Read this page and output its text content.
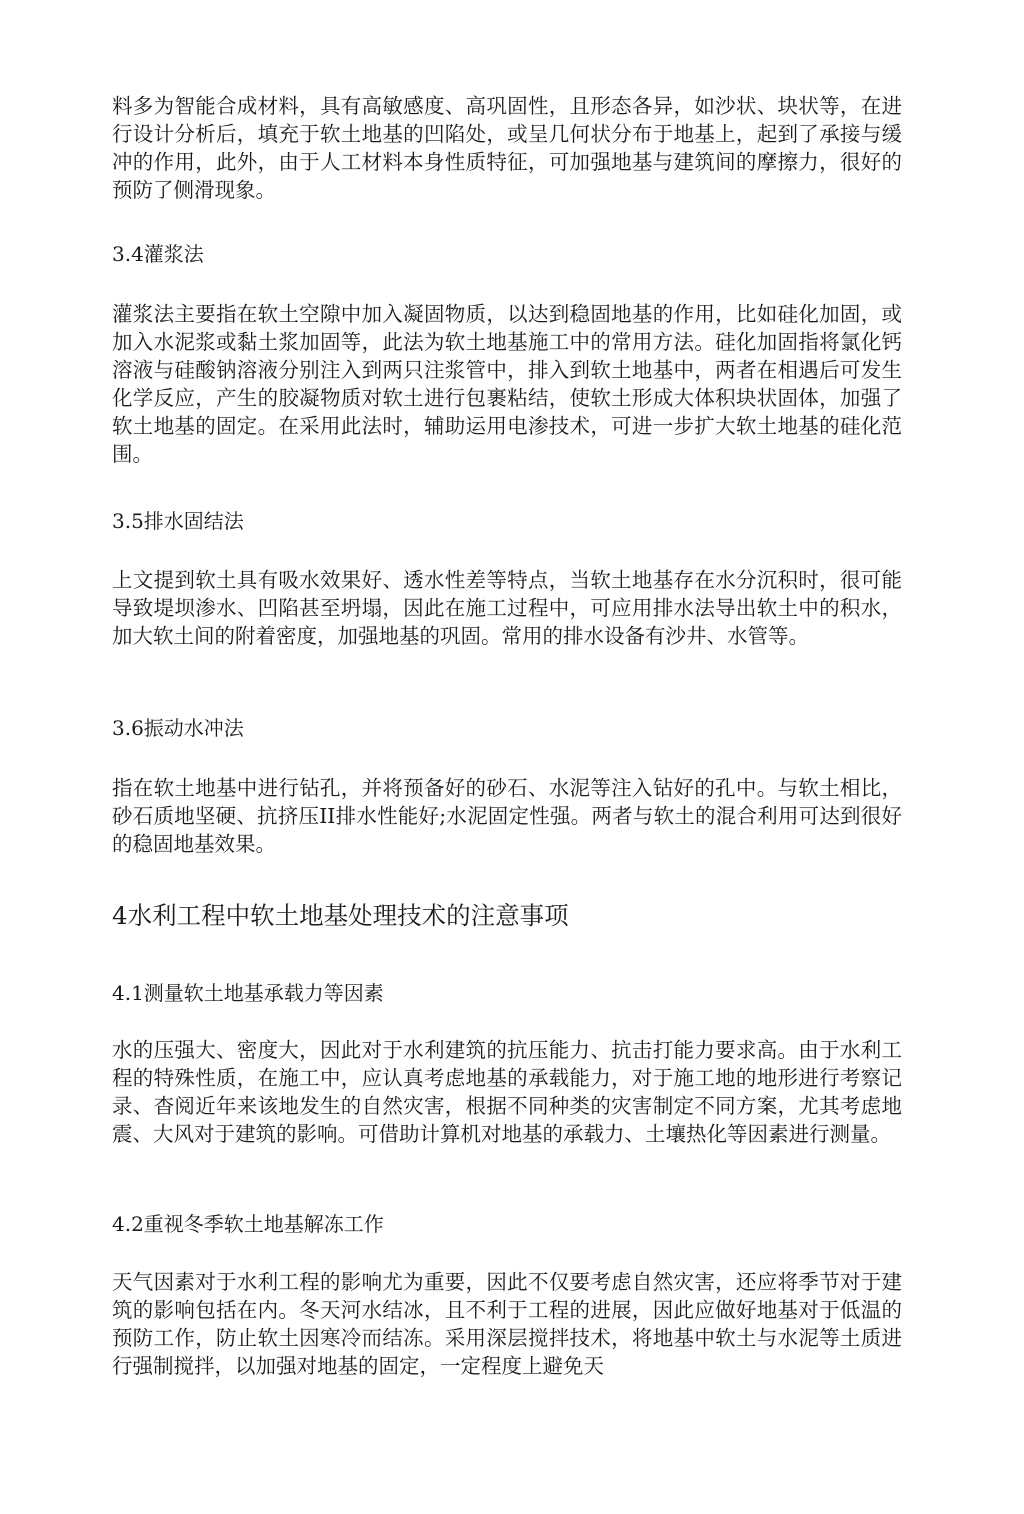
料多为智能合成材料，具有高敏感度、高巩固性，且形态各异，如沙状、块状等，在进行设计分析后，填充于软土地基的凹陷处，或呈几何状分布于地基上，起到了承接与缓冲的作用，此外，由于人工材料本身性质特征，可加强地基与建筑间的摩擦力，很好的预防了侧滑现象。

3.4灌浆法

灌浆法主要指在软土空隙中加入凝固物质，以达到稳固地基的作用，比如硅化加固，或加入水泥浆或黏土浆加固等，此法为软土地基施工中的常用方法。硅化加固指将氯化钙溶液与硅酸钠溶液分别注入到两只注浆管中，排入到软土地基中，两者在相遇后可发生化学反应，产生的胶凝物质对软土进行包裹粘结，使软土形成大体积块状固体，加强了软土地基的固定。在采用此法时，辅助运用电渗技术，可进一步扩大软土地基的硅化范围。

3.5排水固结法

上文提到软土具有吸水效果好、透水性差等特点，当软土地基存在水分沉积时，很可能导致堤坝渗水、凹陷甚至坍塌，因此在施工过程中，可应用排水法导出软土中的积水，加大软土间的附着密度，加强地基的巩固。常用的排水设备有沙井、水管等。

3.6振动水冲法

指在软土地基中进行钻孔，并将预备好的砂石、水泥等注入钻好的孔中。与软土相比，砂石质地坚硬、抗挤压II排水性能好;水泥固定性强。两者与软土的混合利用可达到很好的稳固地基效果。

4水利工程中软土地基处理技术的注意事项

4.1测量软土地基承载力等因素

水的压强大、密度大，因此对于水利建筑的抗压能力、抗击打能力要求高。由于水利工程的特殊性质，在施工中，应认真考虑地基的承载能力，对于施工地的地形进行考察记录、杳阅近年来该地发生的自然灾害，根据不同种类的灾害制定不同方案，尤其考虑地震、大风对于建筑的影响。可借助计算机对地基的承载力、土壤热化等因素进行测量。

4.2重视冬季软土地基解冻工作

天气因素对于水利工程的影响尤为重要，因此不仅要考虑自然灾害，还应将季节对于建筑的影响包括在内。冬天河水结冰，且不利于工程的进展，因此应做好地基对于低温的预防工作，防止软土因寒冷而结冻。采用深层搅拌技术，将地基中软土与水泥等土质进行强制搅拌，以加强对地基的固定，一定程度上避免天
